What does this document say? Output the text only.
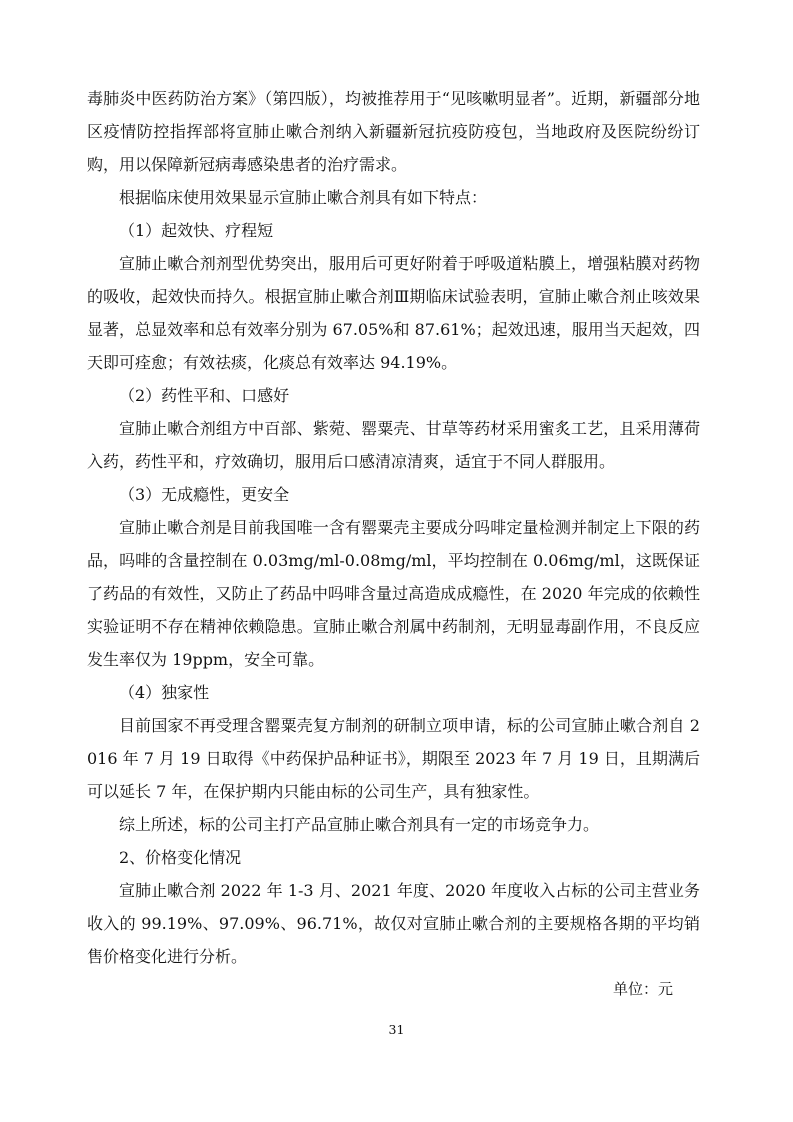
毒肺炎中医药防治方案》（第四版），均被推荐用于“见咳嗽明显者”。近期，新疆部分地区疫情防控指挥部将宣肺止嗽合剂纳入新疆新冠抗疫防疫包，当地政府及医院纷纷订购，用以保障新冠病毒感染患者的治疗需求。

根据临床使用效果显示宣肺止嗽合剂具有如下特点：

（1）起效快、疗程短

宣肺止嗽合剂剂型优势突出，服用后可更好附着于呼吸道粘膜上，增强粘膜对药物的吸收，起效快而持久。根据宣肺止嗽合剂Ⅲ期临床试验表明，宣肺止嗽合剂止咳效果显著，总显效率和总有效率分别为 67.05%和 87.61%；起效迅速，服用当天起效，四天即可痊愈；有效祛痰，化痰总有效率达 94.19%。

（2）药性平和、口感好

宣肺止嗽合剂组方中百部、紫菀、罂粟壳、甘草等药材采用蜜炙工艺，且采用薄荷入药，药性平和，疗效确切，服用后口感清凉清爽，适宜于不同人群服用。

（3）无成瘾性，更安全

宣肺止嗽合剂是目前我国唯一含有罂粟壳主要成分吗啡定量检测并制定上下限的药品，吗啡的含量控制在 0.03mg/ml-0.08mg/ml，平均控制在 0.06mg/ml，这既保证了药品的有效性，又防止了药品中吗啡含量过高造成成瘾性，在 2020 年完成的依赖性实验证明不存在精神依赖隐患。宣肺止嗽合剂属中药制剂，无明显毒副作用，不良反应发生率仅为 19ppm，安全可靠。

（4）独家性

目前国家不再受理含罂粟壳复方制剂的研制立项申请，标的公司宣肺止嗽合剂自 2016 年 7 月 19 日取得《中药保护品种证书》，期限至 2023 年 7 月 19 日，且期满后可以延长 7 年，在保护期内只能由标的公司生产，具有独家性。

综上所述，标的公司主打产品宣肺止嗽合剂具有一定的市场竞争力。

2、价格变化情况

宣肺止嗽合剂 2022 年 1-3 月、2021 年度、2020 年度收入占标的公司主营业务收入的 99.19%、97.09%、96.71%，故仅对宣肺止嗽合剂的主要规格各期的平均销售价格变化进行分析。

单位：元

31
